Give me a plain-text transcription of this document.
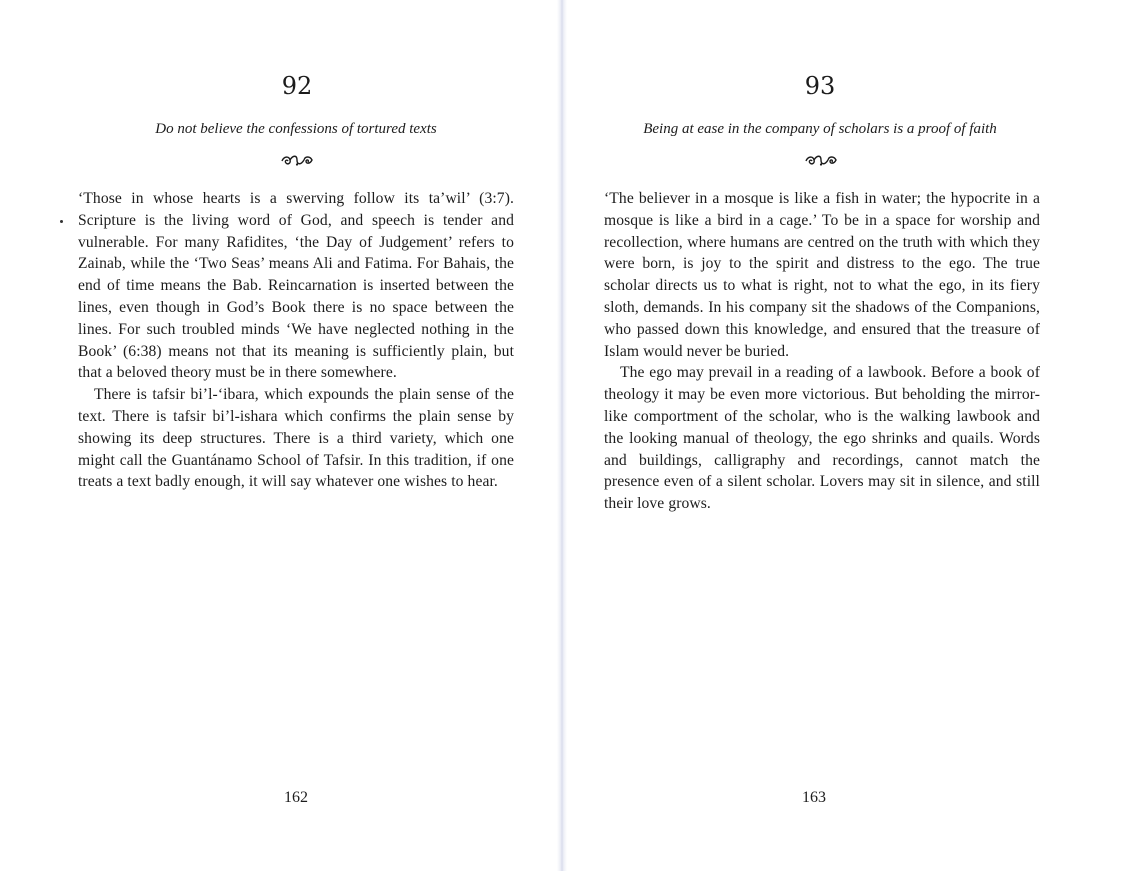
92

Do not believe the confessions of tortured texts

‘Those in whose hearts is a swerving follow its ta’wil’ (3:7). Scripture is the living word of God, and speech is tender and vulnerable. For many Rafidites, ‘the Day of Judgement’ refers to Zainab, while the ‘Two Seas’ means Ali and Fatima. For Bahais, the end of time means the Bab. Reincarnation is inserted between the lines, even though in God’s Book there is no space between the lines. For such troubled minds ‘We have neglected nothing in the Book’ (6:38) means not that its meaning is sufficiently plain, but that a beloved theory must be in there somewhere.

There is tafsir bi’l-‘ibara, which expounds the plain sense of the text. There is tafsir bi’l-ishara which confirms the plain sense by showing its deep structures. There is a third variety, which one might call the Guantánamo School of Tafsir. In this tradition, if one treats a text badly enough, it will say whatever one wishes to hear.

162

93

Being at ease in the company of scholars is a proof of faith

‘The believer in a mosque is like a fish in water; the hypocrite in a mosque is like a bird in a cage.’ To be in a space for worship and recollection, where humans are centred on the truth with which they were born, is joy to the spirit and distress to the ego. The true scholar directs us to what is right, not to what the ego, in its fiery sloth, demands. In his company sit the shadows of the Companions, who passed down this knowledge, and ensured that the treasure of Islam would never be buried.

The ego may prevail in a reading of a lawbook. Before a book of theology it may be even more victorious. But beholding the mirror-like comportment of the scholar, who is the walking lawbook and the looking manual of theology, the ego shrinks and quails. Words and buildings, calligraphy and recordings, cannot match the presence even of a silent scholar. Lovers may sit in silence, and still their love grows.

163
